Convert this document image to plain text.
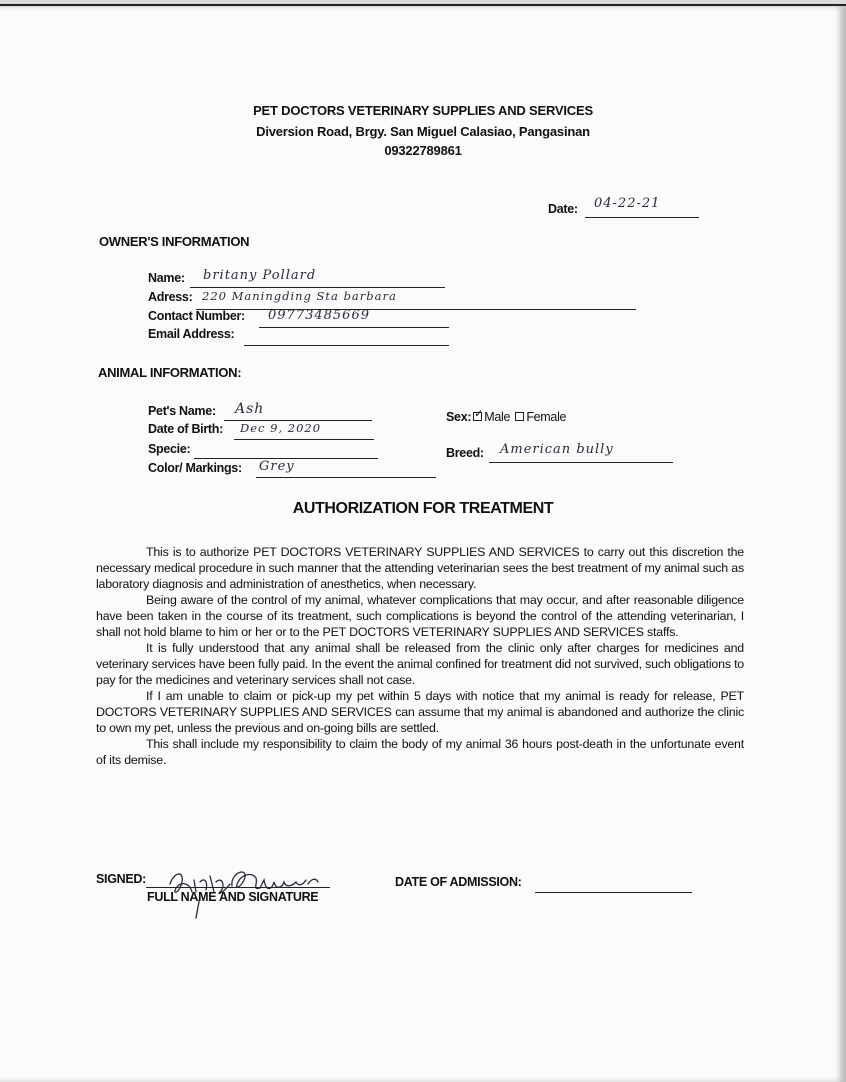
PET DOCTORS VETERINARY SUPPLIES AND SERVICES
Diversion Road, Brgy. San Miguel Calasiao, Pangasinan
09322789861
Date: 04-22-21
OWNER'S INFORMATION
Name: britany Pollard
Adress: 220 Maningding Sta barbara
Contact Number: 09773485669
Email Address:
ANIMAL INFORMATION:
Pet's Name: Ash
Date of Birth: Dec 9, 2020
Specie:
Color/ Markings: Grey
Sex:✓ Male Female
Breed: American bully
AUTHORIZATION FOR TREATMENT

This is to authorize PET DOCTORS VETERINARY SUPPLIES AND SERVICES to carry out this discretion the necessary medical procedure in such manner that the attending veterinarian sees the best treatment of my animal such as laboratory diagnosis and administration of anesthetics, when necessary.

Being aware of the control of my animal, whatever complications that may occur, and after reasonable diligence have been taken in the course of its treatment, such complications is beyond the control of the attending veterinarian, I shall not hold blame to him or her or to the PET DOCTORS VETERINARY SUPPLIES AND SERVICES staffs.

It is fully understood that any animal shall be released from the clinic only after charges for medicines and veterinary services have been fully paid. In the event the animal confined for treatment did not survived, such obligations to pay for the medicines and veterinary services shall not case.

If I am unable to claim or pick-up my pet within 5 days with notice that my animal is ready for release, PET DOCTORS VETERINARY SUPPLIES AND SERVICES can assume that my animal is abandoned and authorize the clinic to own my pet, unless the previous and on-going bills are settled.

This shall include my responsibility to claim the body of my animal 36 hours post-death in the unfortunate event of its demise.

SIGNED:
FULL NAME AND SIGNATURE
DATE OF ADMISSION:
